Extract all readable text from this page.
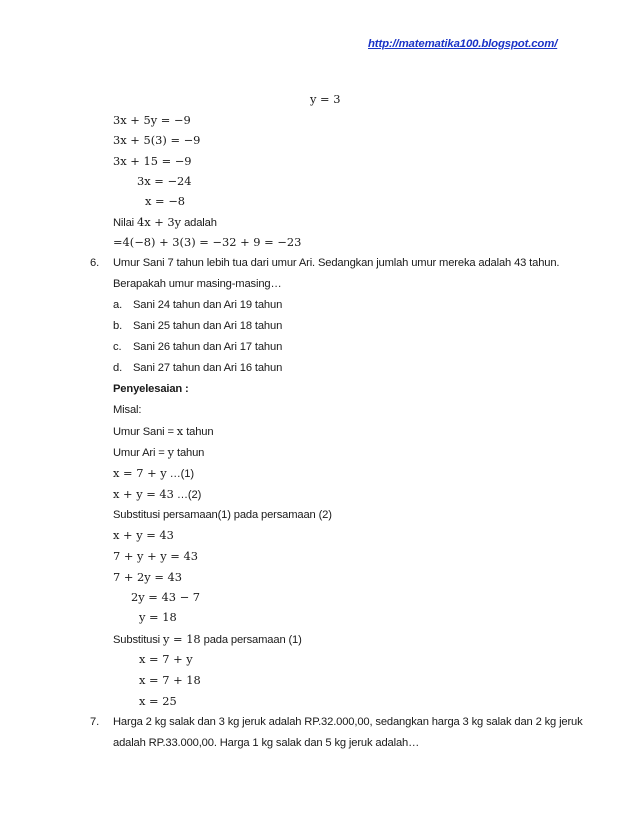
http://matematika100.blogspot.com/
y = 3
3x + 5y = −9
3x + 5(3) = −9
3x + 15 = −9
3x = −24
x = −8
Nilai 4x + 3y adalah
=4(−8) + 3(3) = −32 + 9 = −23
6. Umur Sani 7 tahun lebih tua dari umur Ari. Sedangkan jumlah umur mereka adalah 43 tahun.
Berapakah umur masing-masing…
a. Sani 24 tahun dan Ari 19 tahun
b. Sani 25 tahun dan Ari 18 tahun
c. Sani 26 tahun dan Ari 17 tahun
d. Sani 27 tahun dan Ari 16 tahun
Penyelesaian :
Misal:
Umur Sani = x tahun
Umur Ari = y tahun
x = 7 + y …(1)
x + y = 43 …(2)
Substitusi persamaan(1) pada persamaan (2)
x + y = 43
7 + y + y = 43
7 + 2y = 43
2y = 43 − 7
y = 18
Substitusi y = 18 pada persamaan (1)
x = 7 + y
x = 7 + 18
x = 25
7. Harga 2 kg salak dan 3 kg jeruk adalah RP.32.000,00, sedangkan harga 3 kg salak dan 2 kg jeruk
adalah RP.33.000,00. Harga 1 kg salak dan 5 kg jeruk adalah…
